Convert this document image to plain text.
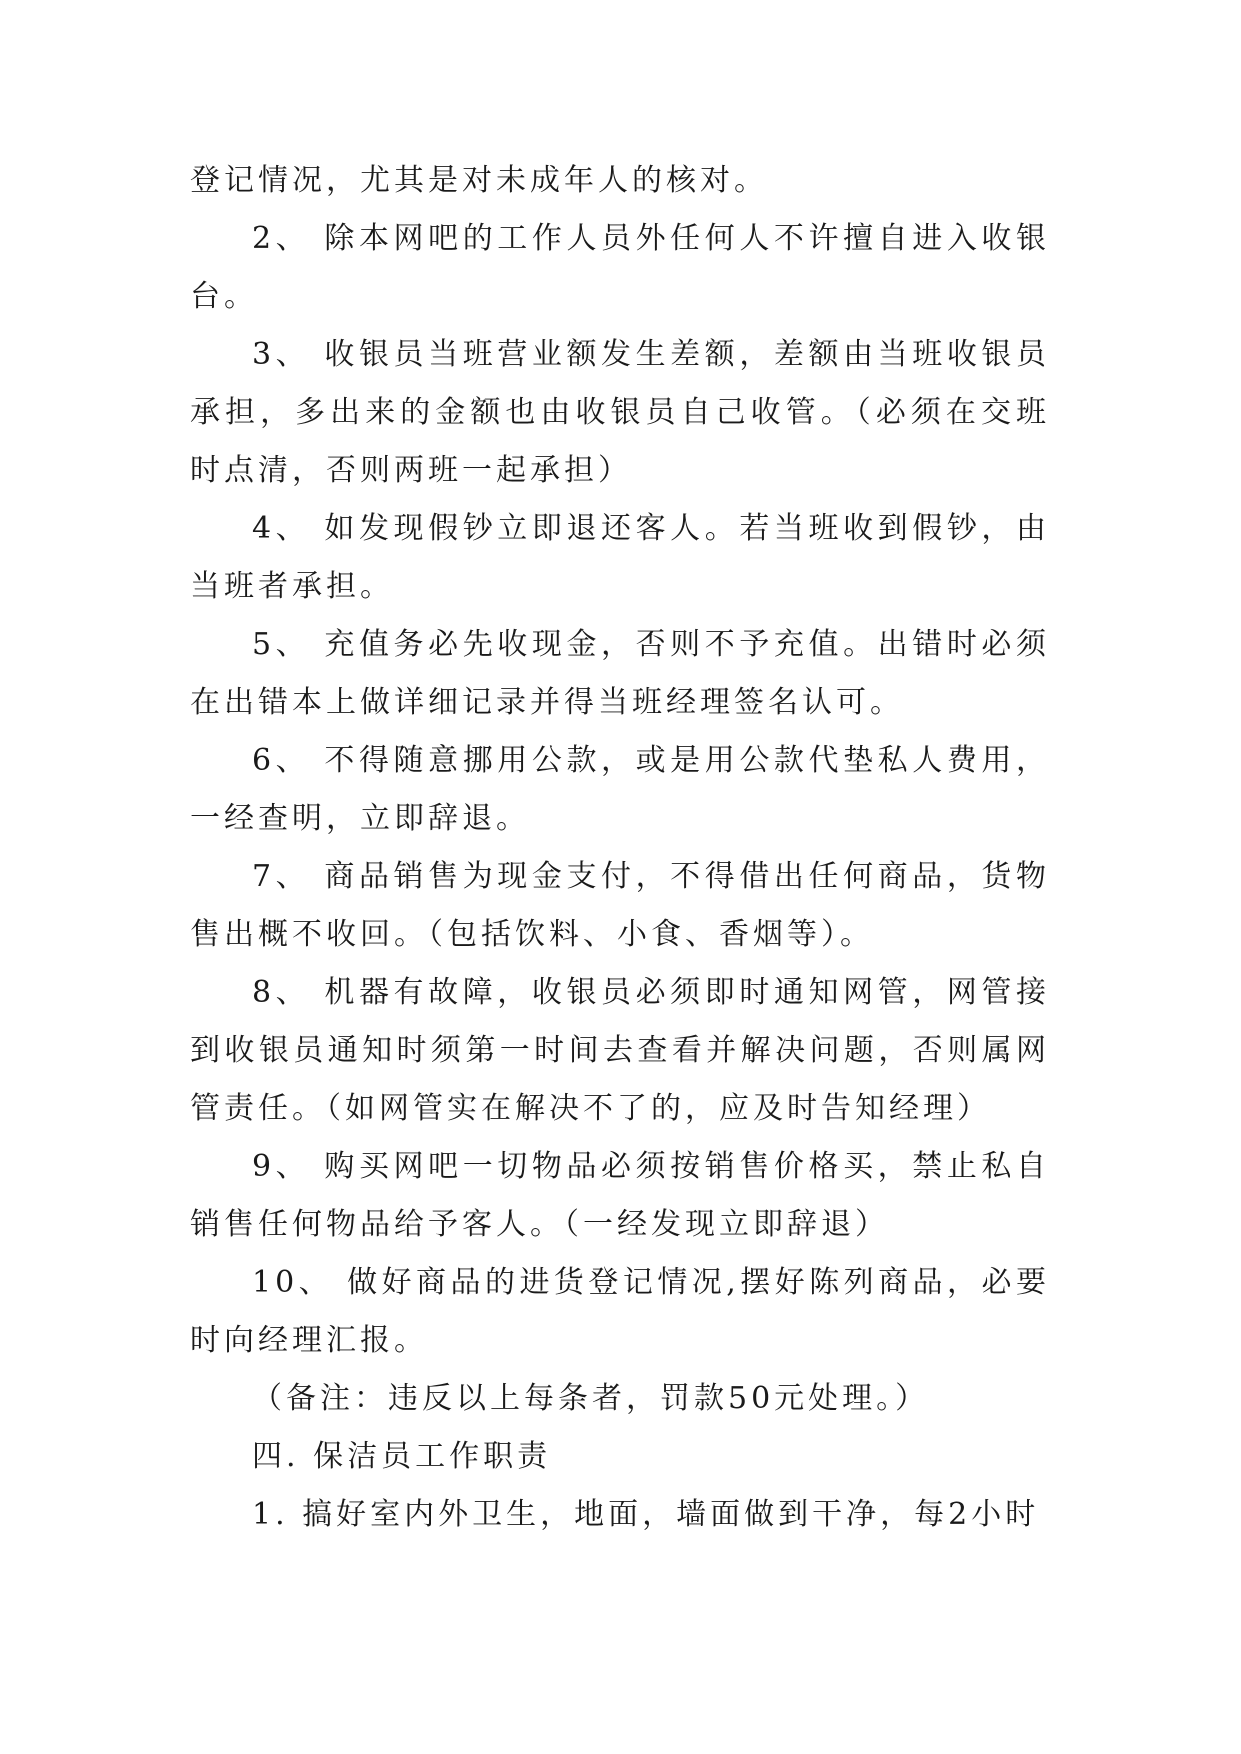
登记情况，尤其是对未成年人的核对。

2、 除本网吧的工作人员外任何人不许擅自进入收银台。

3、 收银员当班营业额发生差额，差额由当班收银员承担，多出来的金额也由收银员自己收管。（必须在交班时点清，否则两班一起承担）

4、 如发现假钞立即退还客人。若当班收到假钞，由当班者承担。

5、 充值务必先收现金，否则不予充值。出错时必须在出错本上做详细记录并得当班经理签名认可。

6、 不得随意挪用公款，或是用公款代垫私人费用，一经查明，立即辞退。

7、 商品销售为现金支付，不得借出任何商品，货物售出概不收回。（包括饮料、小食、香烟等）。

8、 机器有故障，收银员必须即时通知网管，网管接到收银员通知时须第一时间去查看并解决问题，否则属网管责任。（如网管实在解决不了的，应及时告知经理）

9、 购买网吧一切物品必须按销售价格买，禁止私自销售任何物品给予客人。（一经发现立即辞退）

10、 做好商品的进货登记情况,摆好陈列商品，必要时向经理汇报。

（备注：违反以上每条者，罚款50元处理。）

四. 保洁员工作职责

1. 搞好室内外卫生，地面，墙面做到干净，每2小时
